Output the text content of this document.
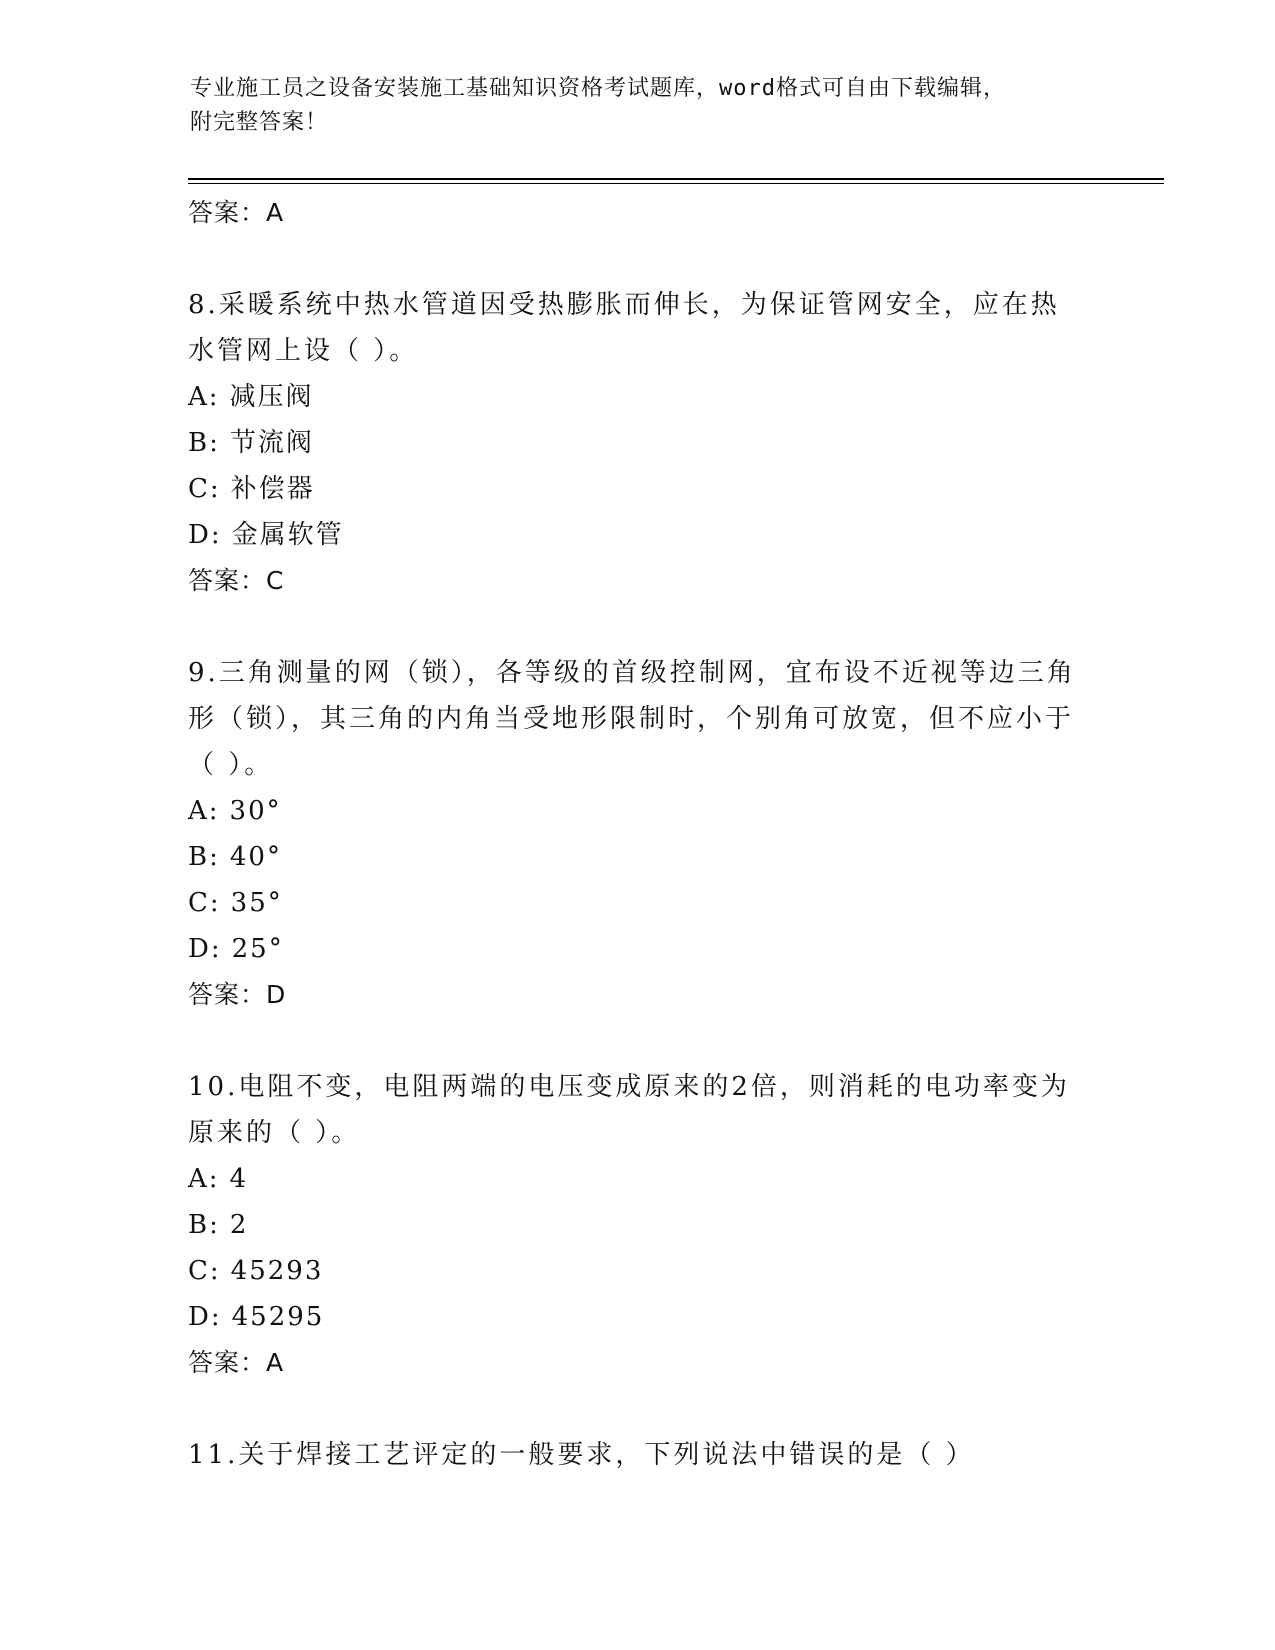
专业施工员之设备安装施工基础知识资格考试题库，word格式可自由下载编辑，
附完整答案！
答案：A
8.采暖系统中热水管道因受热膨胀而伸长，为保证管网安全，应在热水管网上设（ ）。
A: 减压阀
B: 节流阀
C: 补偿器
D: 金属软管
答案：C
9.三角测量的网（锁），各等级的首级控制网，宜布设不近视等边三角形（锁），其三角的内角当受地形限制时，个别角可放宽，但不应小于（ ）。
A: 30°
B: 40°
C: 35°
D: 25°
答案：D
10.电阻不变，电阻两端的电压变成原来的2倍，则消耗的电功率变为原来的（ ）。
A: 4
B: 2
C: 45293
D: 45295
答案：A
11.关于焊接工艺评定的一般要求，下列说法中错误的是（ ）
